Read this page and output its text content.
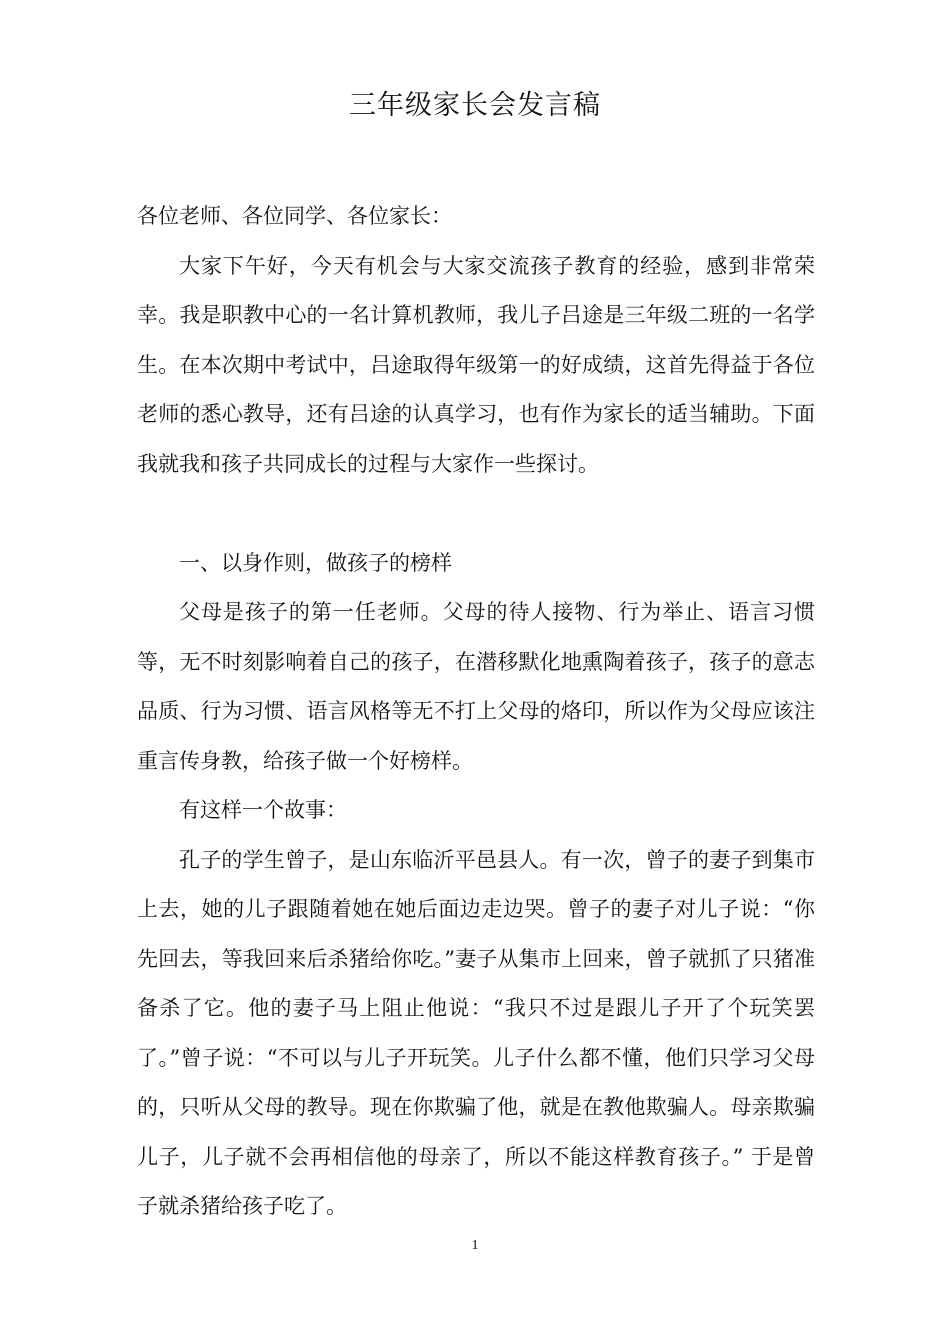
三年级家长会发言稿

各位老师、各位同学、各位家长：

大家下午好，今天有机会与大家交流孩子教育的经验，感到非常荣幸。我是职教中心的一名计算机教师，我儿子吕途是三年级二班的一名学生。在本次期中考试中，吕途取得年级第一的好成绩，这首先得益于各位老师的悉心教导，还有吕途的认真学习，也有作为家长的适当辅助。下面我就我和孩子共同成长的过程与大家作一些探讨。

一、以身作则，做孩子的榜样

父母是孩子的第一任老师。父母的待人接物、行为举止、语言习惯等，无不时刻影响着自己的孩子，在潜移默化地熏陶着孩子，孩子的意志品质、行为习惯、语言风格等无不打上父母的烙印，所以作为父母应该注重言传身教，给孩子做一个好榜样。

有这样一个故事：

孔子的学生曾子，是山东临沂平邑县人。有一次，曾子的妻子到集市上去，她的儿子跟随着她在她后面边走边哭。曾子的妻子对儿子说：“你先回去，等我回来后杀猪给你吃。”妻子从集市上回来，曾子就抓了只猪准备杀了它。他的妻子马上阻止他说：“我只不过是跟儿子开了个玩笑罢了。”曾子说：“不可以与儿子开玩笑。儿子什么都不懂，他们只学习父母的，只听从父母的教导。现在你欺骗了他，就是在教他欺骗人。母亲欺骗儿子，儿子就不会再相信他的母亲了，所以不能这样教育孩子。” 于是曾子就杀猪给孩子吃了。

1
